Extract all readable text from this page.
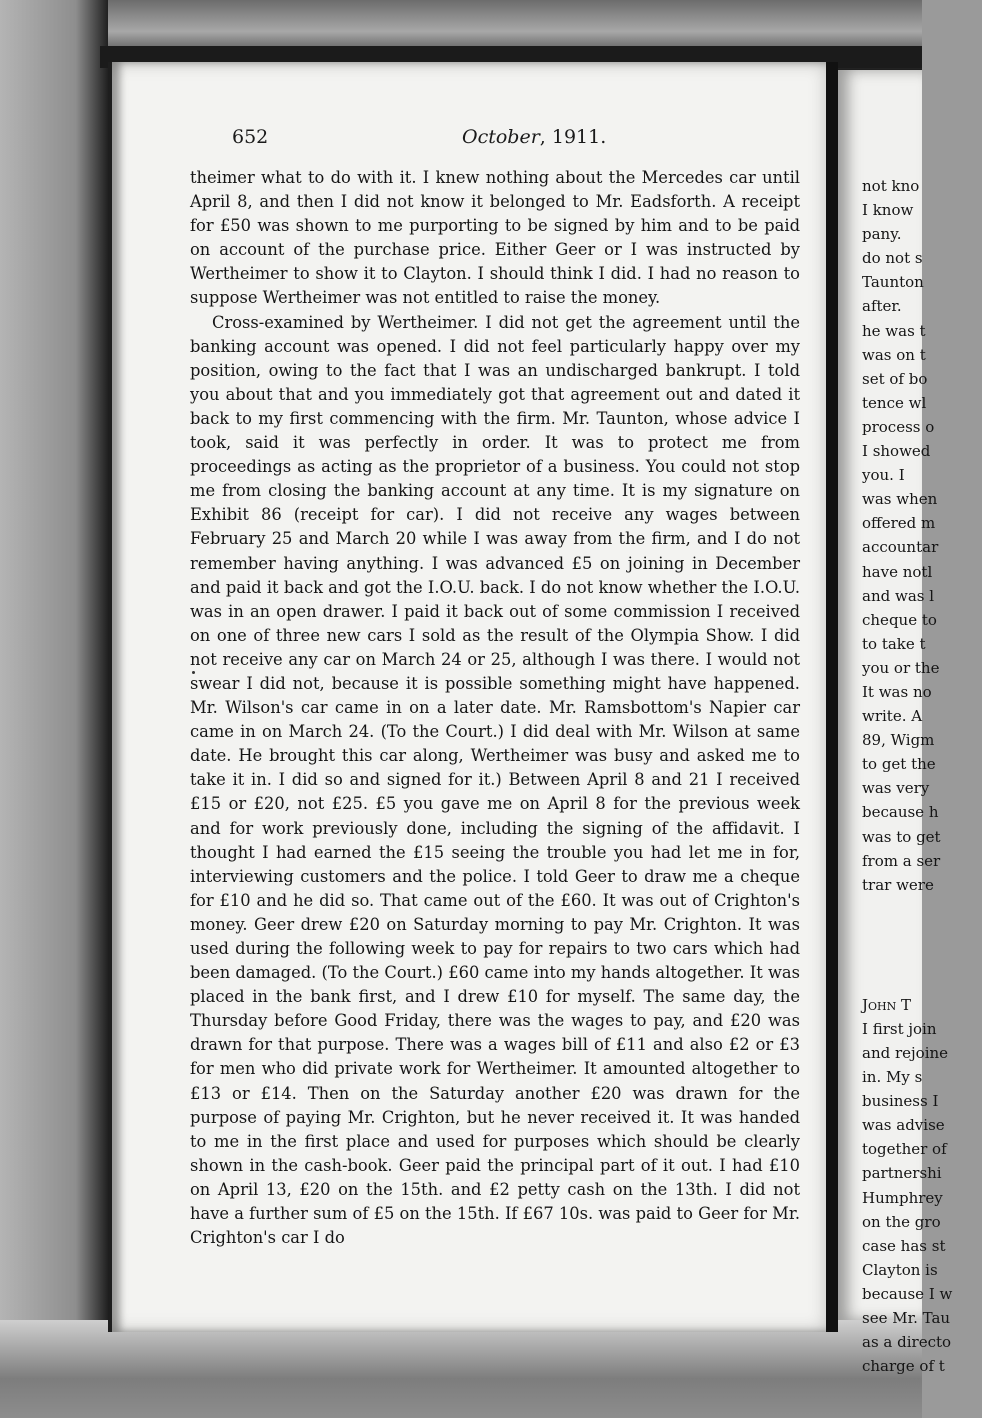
652	October, 1911.

theimer what to do with it. I knew nothing about the Mercedes car until April 8, and then I did not know it belonged to Mr. Eadsforth. A receipt for £50 was shown to me purporting to be signed by him and to be paid on account of the purchase price. Either Geer or I was instructed by Wertheimer to show it to Clayton. I should think I did. I had no reason to suppose Wertheimer was not entitled to raise the money.

Cross-examined by Wertheimer. I did not get the agreement until the banking account was opened. I did not feel particularly happy over my position, owing to the fact that I was an undischarged bankrupt. I told you about that and you immediately got that agreement out and dated it back to my first commencing with the firm. Mr. Taunton, whose advice I took, said it was perfectly in order. It was to protect me from proceedings as acting as the proprietor of a business. You could not stop me from closing the banking account at any time. It is my signature on Exhibit 86 (receipt for car). I did not receive any wages between February 25 and March 20 while I was away from the firm, and I do not remember having anything. I was advanced £5 on joining in December and paid it back and got the I.O.U. back. I do not know whether the I.O.U. was in an open drawer. I paid it back out of some commission I received on one of three new cars I sold as the result of the Olympia Show. I did not receive any car on March 24 or 25, although I was there. I would not swear I did not, because it is possible something might have happened. Mr. Wilson's car came in on a later date. Mr. Ramsbottom's Napier car came in on March 24. (To the Court.) I did deal with Mr. Wilson at same date. He brought this car along, Wertheimer was busy and asked me to take it in. I did so and signed for it.) Between April 8 and 21 I received £15 or £20, not £25. £5 you gave me on April 8 for the previous week and for work previously done, including the signing of the affidavit. I thought I had earned the £15 seeing the trouble you had let me in for, interviewing customers and the police. I told Geer to draw me a cheque for £10 and he did so. That came out of the £60. It was out of Crighton's money. Geer drew £20 on Saturday morning to pay Mr. Crighton. It was used during the following week to pay for repairs to two cars which had been damaged. (To the Court.) £60 came into my hands altogether. It was placed in the bank first, and I drew £10 for myself. The same day, the Thursday before Good Friday, there was the wages to pay, and £20 was drawn for that purpose. There was a wages bill of £11 and also £2 or £3 for men who did private work for Wertheimer. It amounted altogether to £13 or £14. Then on the Saturday another £20 was drawn for the purpose of paying Mr. Crighton, but he never received it. It was handed to me in the first place and used for purposes which should be clearly shown in the cash-book. Geer paid the principal part of it out. I had £10 on April 13, £20 on the 15th. and £2 petty cash on the 13th. I did not have a further sum of £5 on the 15th. If £67 10s. was paid to Geer for Mr. Crighton's car I do

not kno
I know
pany.
do not s
Taunton
after.
he was t
was on t
set of bo
tence wl
process o
I showed
you. I
was when
offered m
accountar
have notl
and was l
cheque to
to take t
you or the
It was no
write. A
89, Wigm
to get the
was very
because h
was to get
from a ser
trar were
John T
I first join
and rejoine
in. My s
business I
was advise
together of
partnershi
Humphrey
on the gro
case has st
Clayton is
because I w
see Mr. Tau
as a directo
charge of t
